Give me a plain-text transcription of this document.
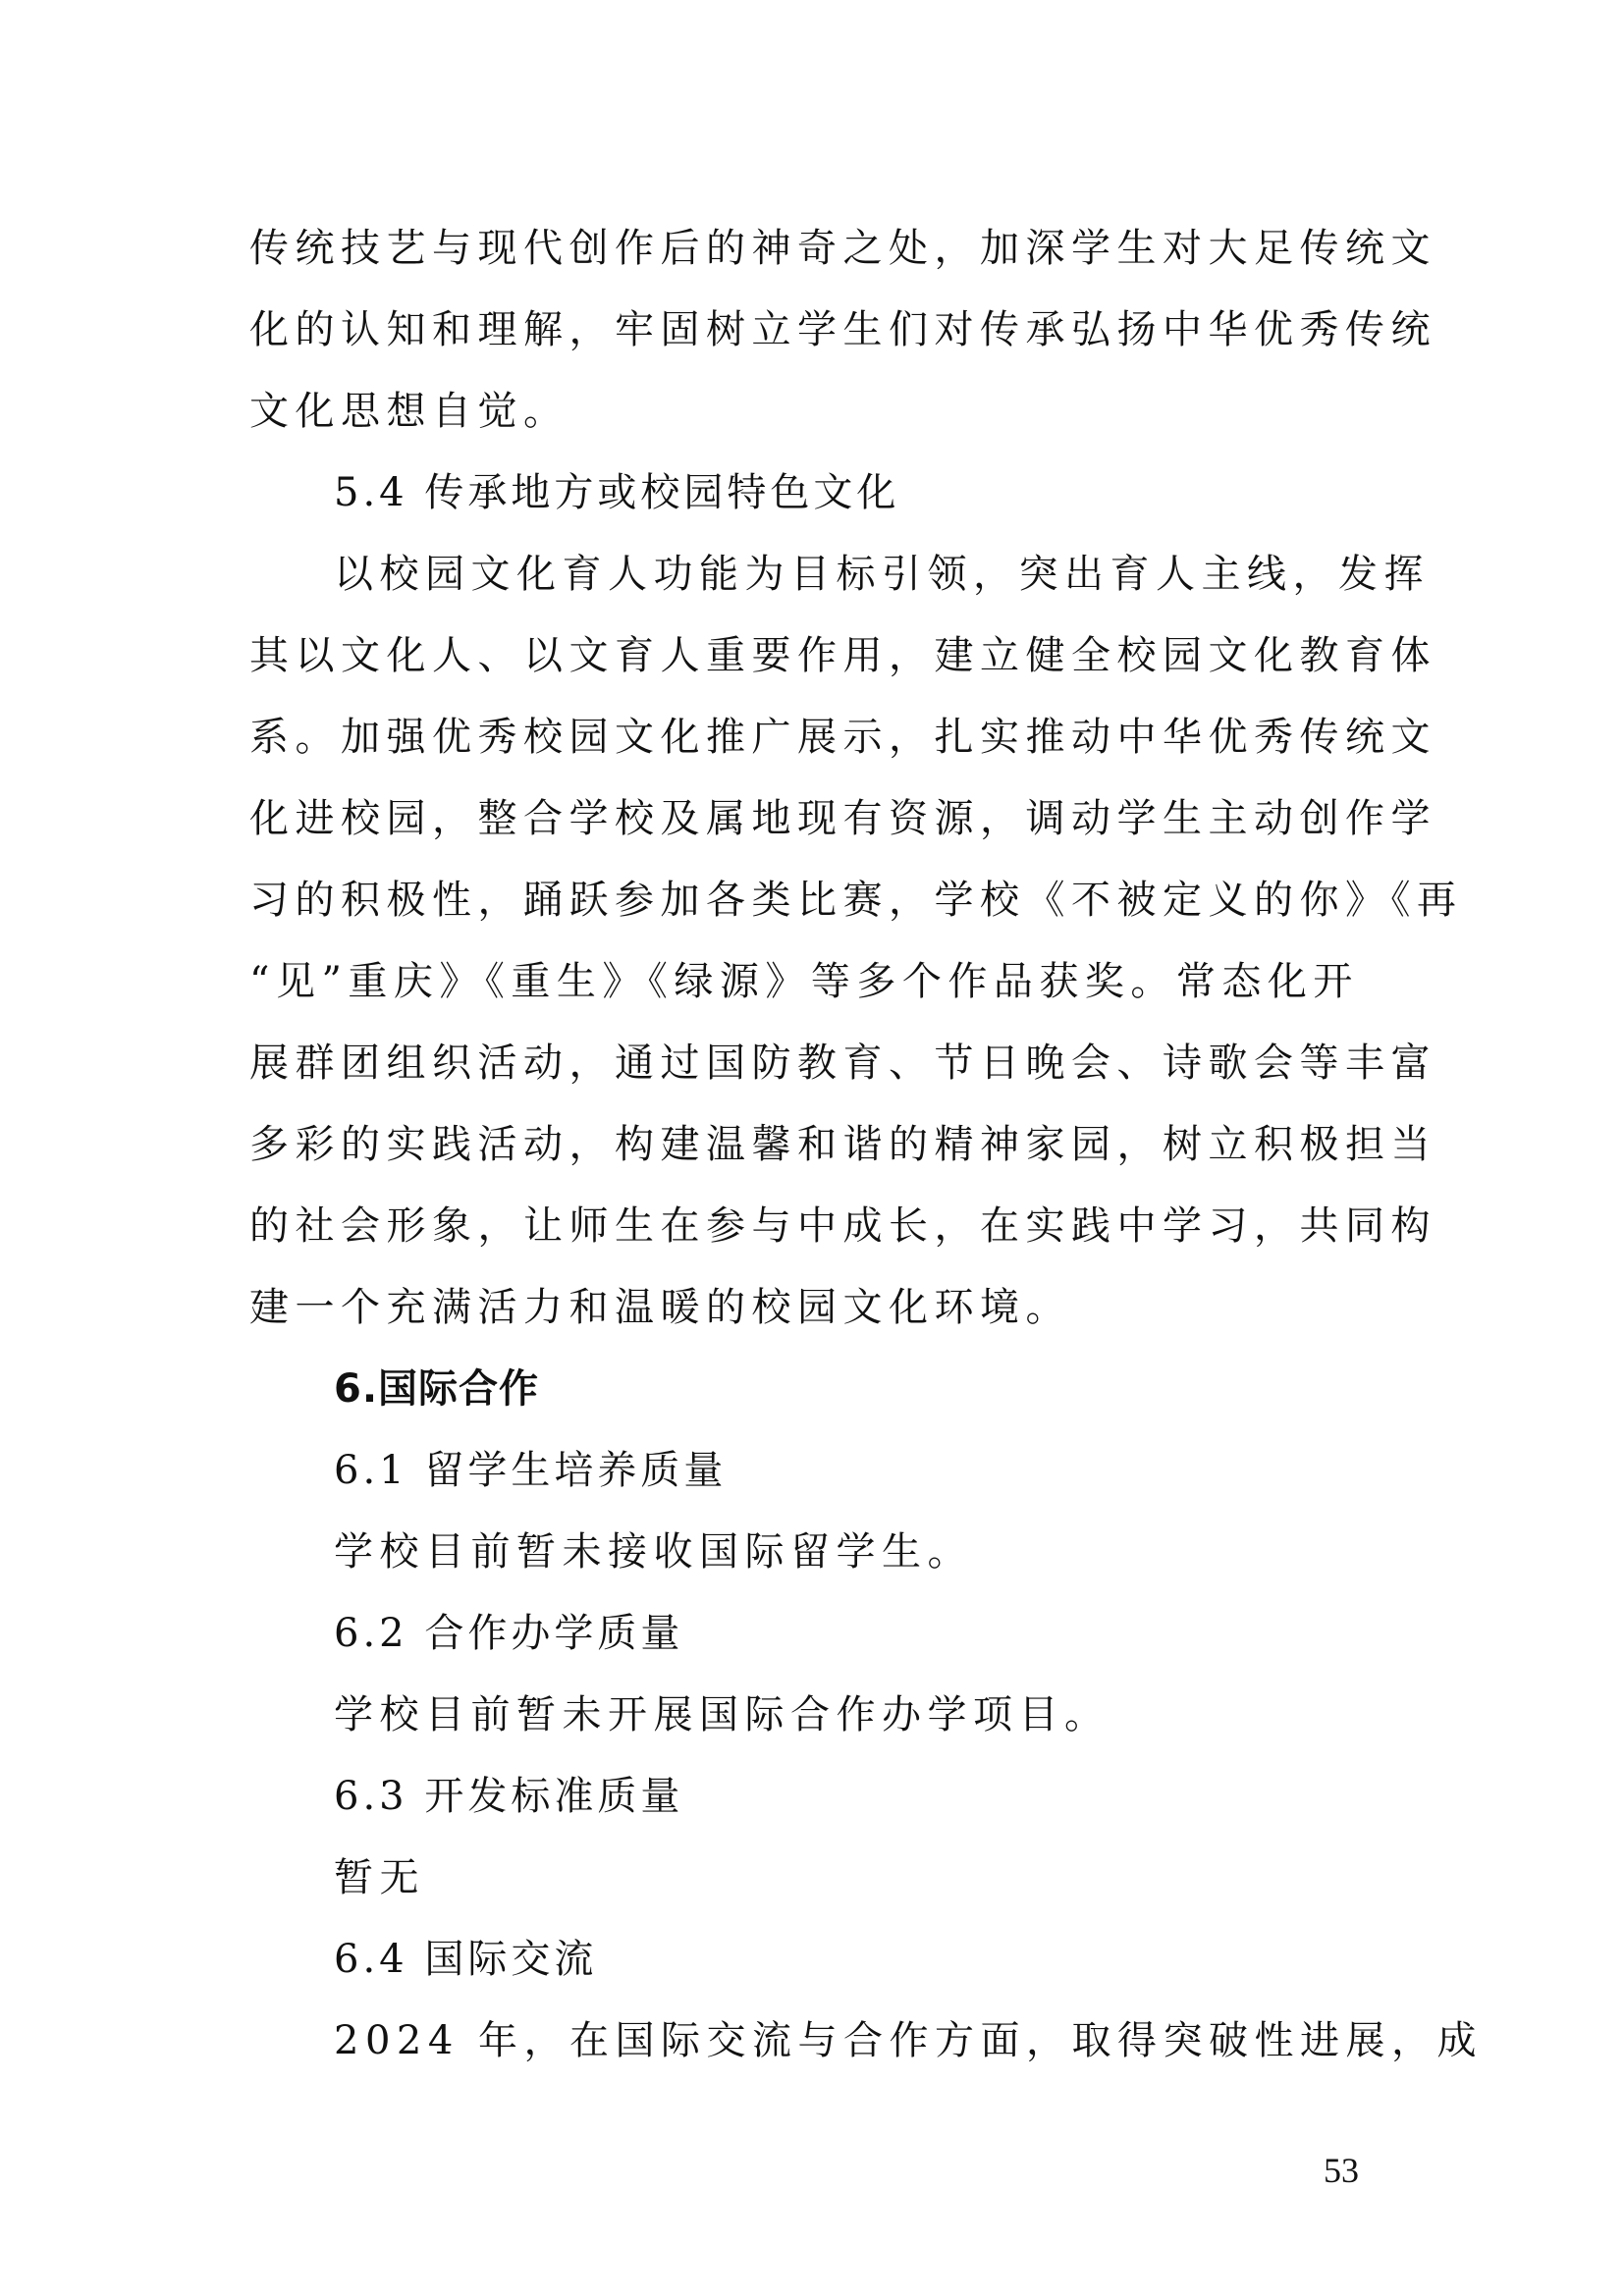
传统技艺与现代创作后的神奇之处，加深学生对大足传统文
化的认知和理解，牢固树立学生们对传承弘扬中华优秀传统
文化思想自觉。
5.4 传承地方或校园特色文化
以校园文化育人功能为目标引领，突出育人主线，发挥
其以文化人、以文育人重要作用，建立健全校园文化教育体
系。加强优秀校园文化推广展示，扎实推动中华优秀传统文
化进校园，整合学校及属地现有资源，调动学生主动创作学
习的积极性，踊跃参加各类比赛，学校《不被定义的你》《再
“见”重庆》《重生》《绿源》等多个作品获奖。常态化开
展群团组织活动，通过国防教育、节日晚会、诗歌会等丰富
多彩的实践活动，构建温馨和谐的精神家园，树立积极担当
的社会形象，让师生在参与中成长，在实践中学习，共同构
建一个充满活力和温暖的校园文化环境。
6.国际合作
6.1 留学生培养质量
学校目前暂未接收国际留学生。
6.2 合作办学质量
学校目前暂未开展国际合作办学项目。
6.3 开发标准质量
暂无
6.4 国际交流
2024 年，在国际交流与合作方面，取得突破性进展，成
53
